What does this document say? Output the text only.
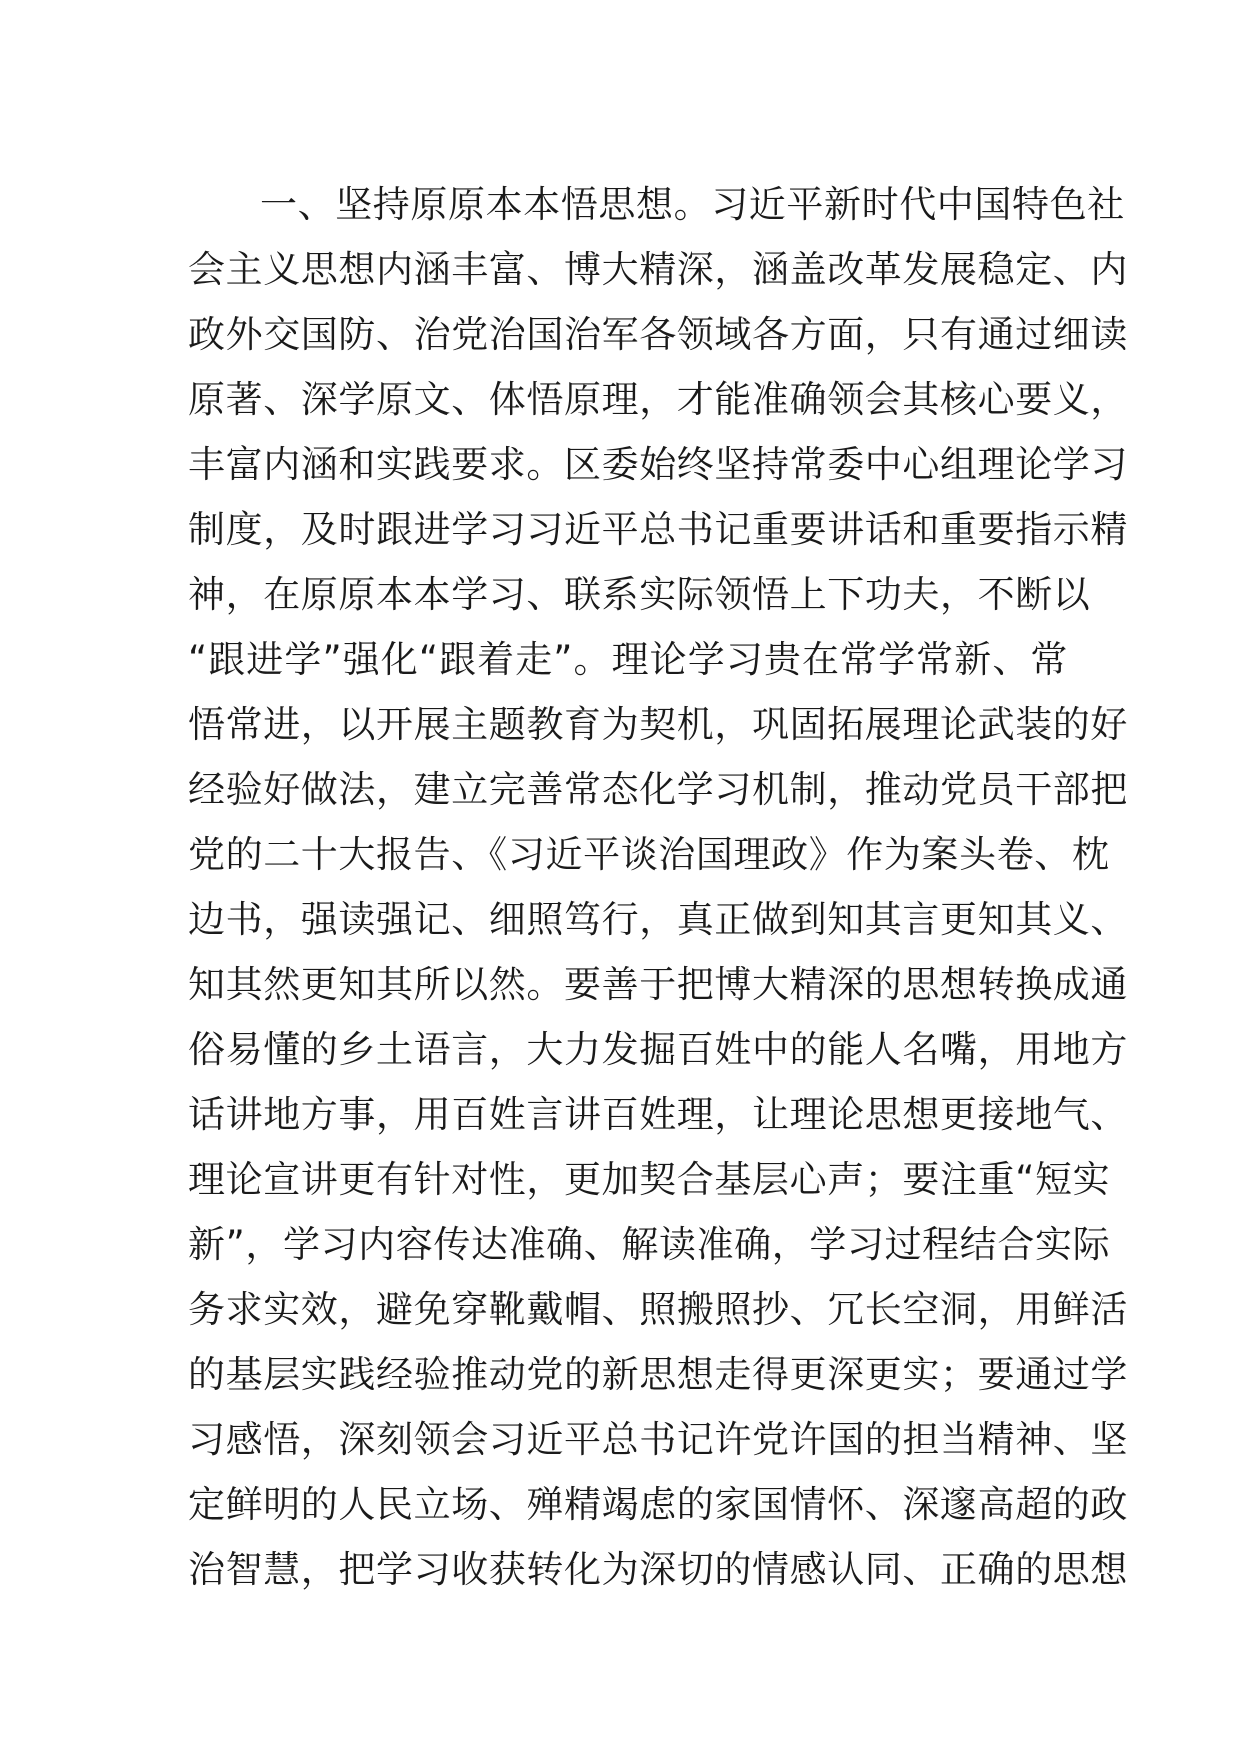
一、坚持原原本本悟思想。习近平新时代中国特色社
会主义思想内涵丰富、博大精深，涵盖改革发展稳定、内
政外交国防、治党治国治军各领域各方面，只有通过细读
原著、深学原文、体悟原理，才能准确领会其核心要义，
丰富内涵和实践要求。区委始终坚持常委中心组理论学习
制度，及时跟进学习习近平总书记重要讲话和重要指示精
神，在原原本本学习、联系实际领悟上下功夫，不断以
“跟进学”强化“跟着走”。理论学习贵在常学常新、常
悟常进，以开展主题教育为契机，巩固拓展理论武装的好
经验好做法，建立完善常态化学习机制，推动党员干部把
党的二十大报告、《习近平谈治国理政》作为案头卷、枕
边书，强读强记、细照笃行，真正做到知其言更知其义、
知其然更知其所以然。要善于把博大精深的思想转换成通
俗易懂的乡土语言，大力发掘百姓中的能人名嘴，用地方
话讲地方事，用百姓言讲百姓理，让理论思想更接地气、
理论宣讲更有针对性，更加契合基层心声；要注重“短实
新”，学习内容传达准确、解读准确，学习过程结合实际
务求实效，避免穿靴戴帽、照搬照抄、冗长空洞，用鲜活
的基层实践经验推动党的新思想走得更深更实；要通过学
习感悟，深刻领会习近平总书记许党许国的担当精神、坚
定鲜明的人民立场、殚精竭虑的家国情怀、深邃高超的政
治智慧，把学习收获转化为深切的情感认同、正确的思想
